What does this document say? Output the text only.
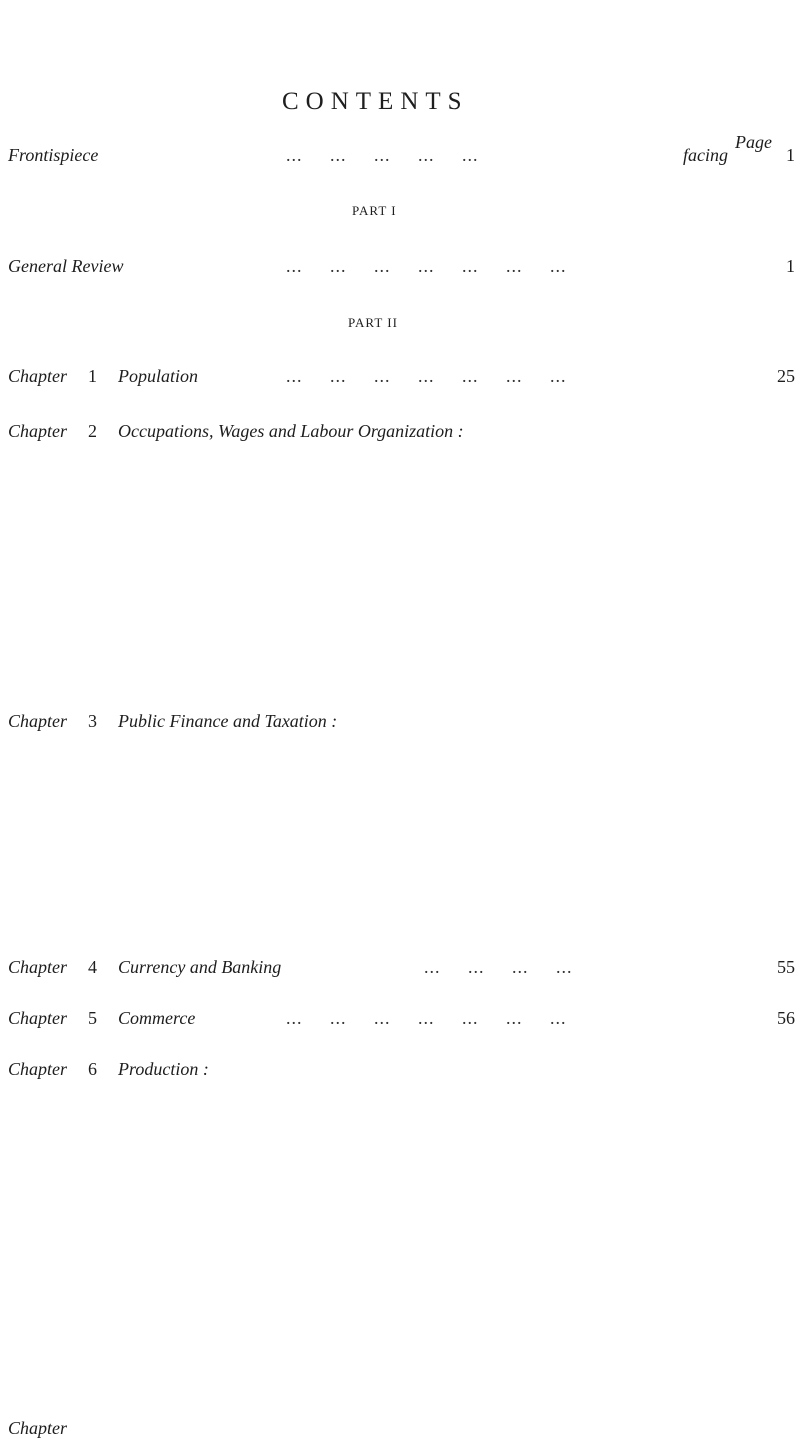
CONTENTS
Page
Frontispiece	...     ...     ...     ...     ...	facing	1
PART I
General Review	...     ...     ...     ...     ...     ...     ...	1
PART II
Chapter 1 Population	...     ...     ...     ...     ...     ...     ...	25
Chapter 2 Occupations, Wages and Labour Organization :
Chapter 3 Public Finance and Taxation :
Chapter 4 Currency and Banking	...     ...     ...     ...	55
Chapter 5 Commerce	...     ...     ...     ...     ...     ...     ...	56
Chapter 6 Production :
Chapter
